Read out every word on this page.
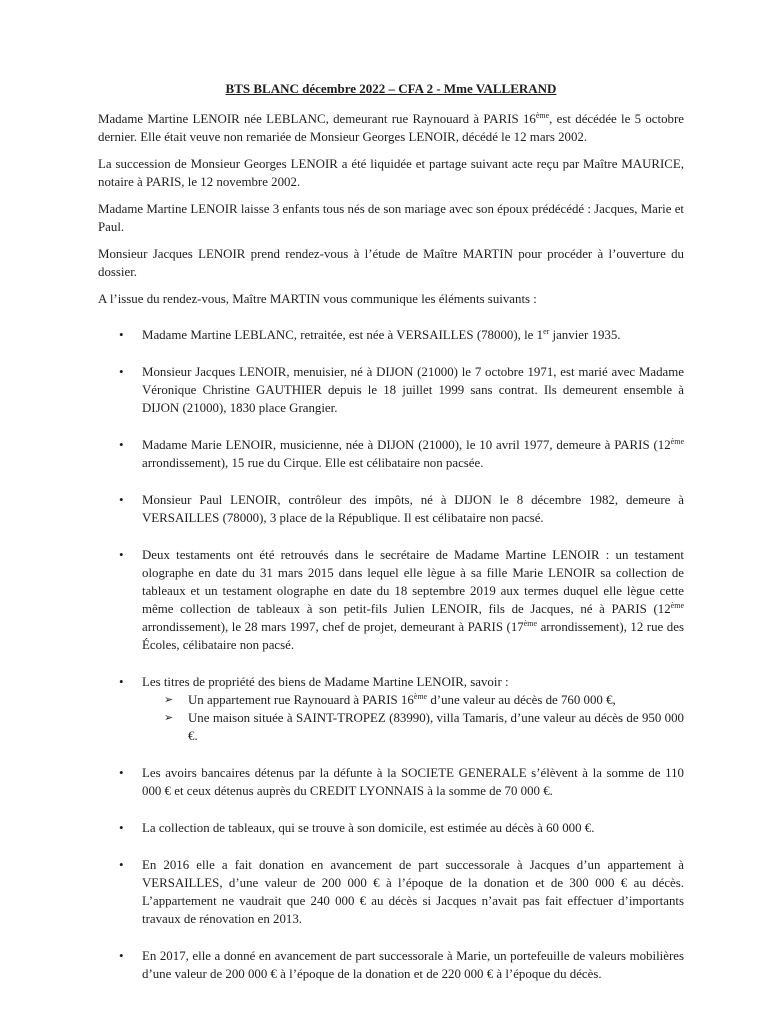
BTS BLANC décembre 2022 – CFA 2 - Mme VALLERAND

Madame Martine LENOIR née LEBLANC, demeurant rue Raynouard à PARIS 16ème, est décédée le 5 octobre dernier. Elle était veuve non remariée de Monsieur Georges LENOIR, décédé le 12 mars 2002.

La succession de Monsieur Georges LENOIR a été liquidée et partage suivant acte reçu par Maître MAURICE, notaire à PARIS, le 12 novembre 2002.

Madame Martine LENOIR laisse 3 enfants tous nés de son mariage avec son époux prédécédé : Jacques, Marie et Paul.

Monsieur Jacques LENOIR prend rendez-vous à l’étude de Maître MARTIN pour procéder à l’ouverture du dossier.

A l’issue du rendez-vous, Maître MARTIN vous communique les éléments suivants :

• Madame Martine LEBLANC, retraitée, est née à VERSAILLES (78000), le 1er janvier 1935.
• Monsieur Jacques LENOIR, menuisier, né à DIJON (21000) le 7 octobre 1971, est marié avec Madame Véronique Christine GAUTHIER depuis le 18 juillet 1999 sans contrat. Ils demeurent ensemble à DIJON (21000), 1830 place Grangier.
• Madame Marie LENOIR, musicienne, née à DIJON (21000), le 10 avril 1977, demeure à PARIS (12ème arrondissement), 15 rue du Cirque. Elle est célibataire non pacsée.
• Monsieur Paul LENOIR, contrôleur des impôts, né à DIJON le 8 décembre 1982, demeure à VERSAILLES (78000), 3 place de la République. Il est célibataire non pacsé.
• Deux testaments ont été retrouvés dans le secrétaire de Madame Martine LENOIR : un testament olographe en date du 31 mars 2015 dans lequel elle lègue à sa fille Marie LENOIR sa collection de tableaux et un testament olographe en date du 18 septembre 2019 aux termes duquel elle lègue cette même collection de tableaux à son petit-fils Julien LENOIR, fils de Jacques, né à PARIS (12ème arrondissement), le 28 mars 1997, chef de projet, demeurant à PARIS (17ème arrondissement), 12 rue des Écoles, célibataire non pacsé.
• Les titres de propriété des biens de Madame Martine LENOIR, savoir :
➢ Un appartement rue Raynouard à PARIS 16ème d’une valeur au décès de 760 000 €,
➢ Une maison située à SAINT-TROPEZ (83990), villa Tamaris, d’une valeur au décès de 950 000 €.
• Les avoirs bancaires détenus par la défunte à la SOCIETE GENERALE s’élèvent à la somme de 110 000 € et ceux détenus auprès du CREDIT LYONNAIS à la somme de 70 000 €.
• La collection de tableaux, qui se trouve à son domicile, est estimée au décès à 60 000 €.
• En 2016 elle a fait donation en avancement de part successorale à Jacques d’un appartement à VERSAILLES, d’une valeur de 200 000 € à l’époque de la donation et de 300 000 € au décès. L’appartement ne vaudrait que 240 000 € au décès si Jacques n’avait pas fait effectuer d’importants travaux de rénovation en 2013.
• En 2017, elle a donné en avancement de part successorale à Marie, un portefeuille de valeurs mobilières d’une valeur de 200 000 € à l’époque de la donation et de 220 000 € à l’époque du décès.
